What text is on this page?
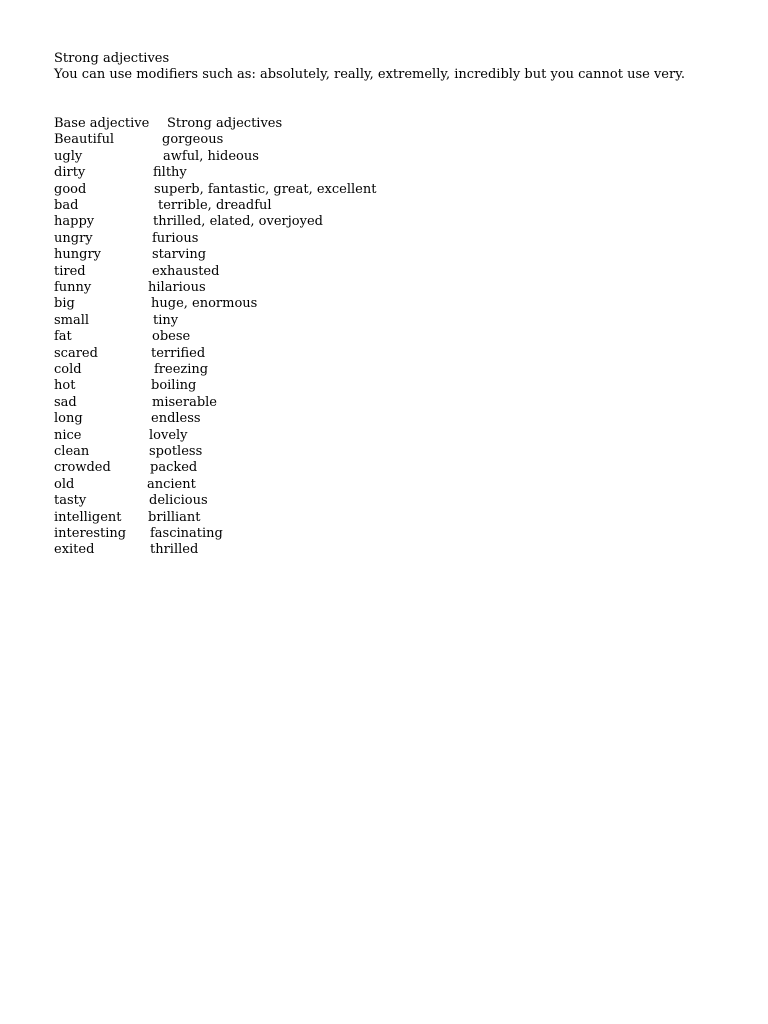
Strong adjectives
You can use modifiers such as: absolutely, really, extremelly, incredibly but you cannot use very.
Base adjective Strong adjectives
Beautiful	gorgeous
ugly	awful, hideous
dirty	filthy
good	superb, fantastic, great, excellent
bad	terrible, dreadful
happy	thrilled, elated, overjoyed
ungry	furious
hungry	starving
tired	exhausted
funny	hilarious
big	huge, enormous
small	tiny
fat	obese
scared	terrified
cold	freezing
hot	boiling
sad	miserable
long	endless
nice	lovely
clean	spotless
crowded	packed
old	ancient
tasty	delicious
intelligent brilliant
interesting fascinating
exited	thrilled
